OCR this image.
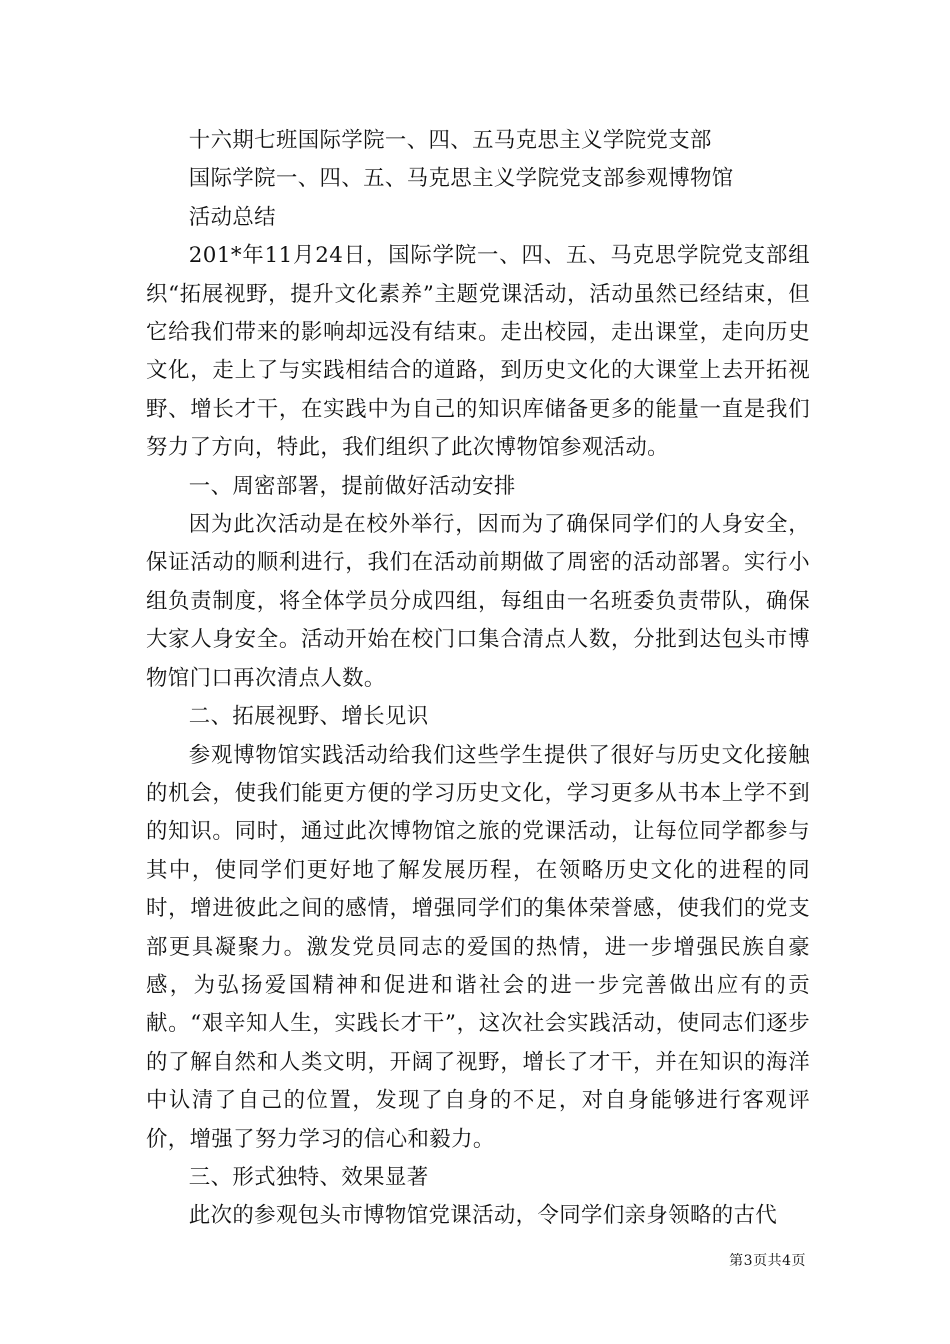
十六期七班国际学院一、四、五马克思主义学院党支部

国际学院一、四、五、马克思主义学院党支部参观博物馆

活动总结

201*年11月24日，国际学院一、四、五、马克思学院党支部组织“拓展视野，提升文化素养”主题党课活动，活动虽然已经结束，但它给我们带来的影响却远没有结束。走出校园，走出课堂，走向历史文化，走上了与实践相结合的道路，到历史文化的大课堂上去开拓视野、增长才干，在实践中为自己的知识库储备更多的能量一直是我们努力了方向，特此，我们组织了此次博物馆参观活动。

一、周密部署，提前做好活动安排

因为此次活动是在校外举行，因而为了确保同学们的人身安全，保证活动的顺利进行，我们在活动前期做了周密的活动部署。实行小组负责制度，将全体学员分成四组，每组由一名班委负责带队，确保大家人身安全。活动开始在校门口集合清点人数，分批到达包头市博物馆门口再次清点人数。

二、拓展视野、增长见识

参观博物馆实践活动给我们这些学生提供了很好与历史文化接触的机会，使我们能更方便的学习历史文化，学习更多从书本上学不到的知识。同时，通过此次博物馆之旅的党课活动，让每位同学都参与其中，使同学们更好地了解发展历程，在领略历史文化的进程的同时，增进彼此之间的感情，增强同学们的集体荣誉感，使我们的党支部更具凝聚力。激发党员同志的爱国的热情，进一步增强民族自豪感，为弘扬爱国精神和促进和谐社会的进一步完善做出应有的贡献。“艰辛知人生，实践长才干”，这次社会实践活动，使同志们逐步的了解自然和人类文明，开阔了视野，增长了才干，并在知识的海洋中认清了自己的位置，发现了自身的不足，对自身能够进行客观评价，增强了努力学习的信心和毅力。

三、形式独特、效果显著

此次的参观包头市博物馆党课活动，令同学们亲身领略的古代

第3页共4页
